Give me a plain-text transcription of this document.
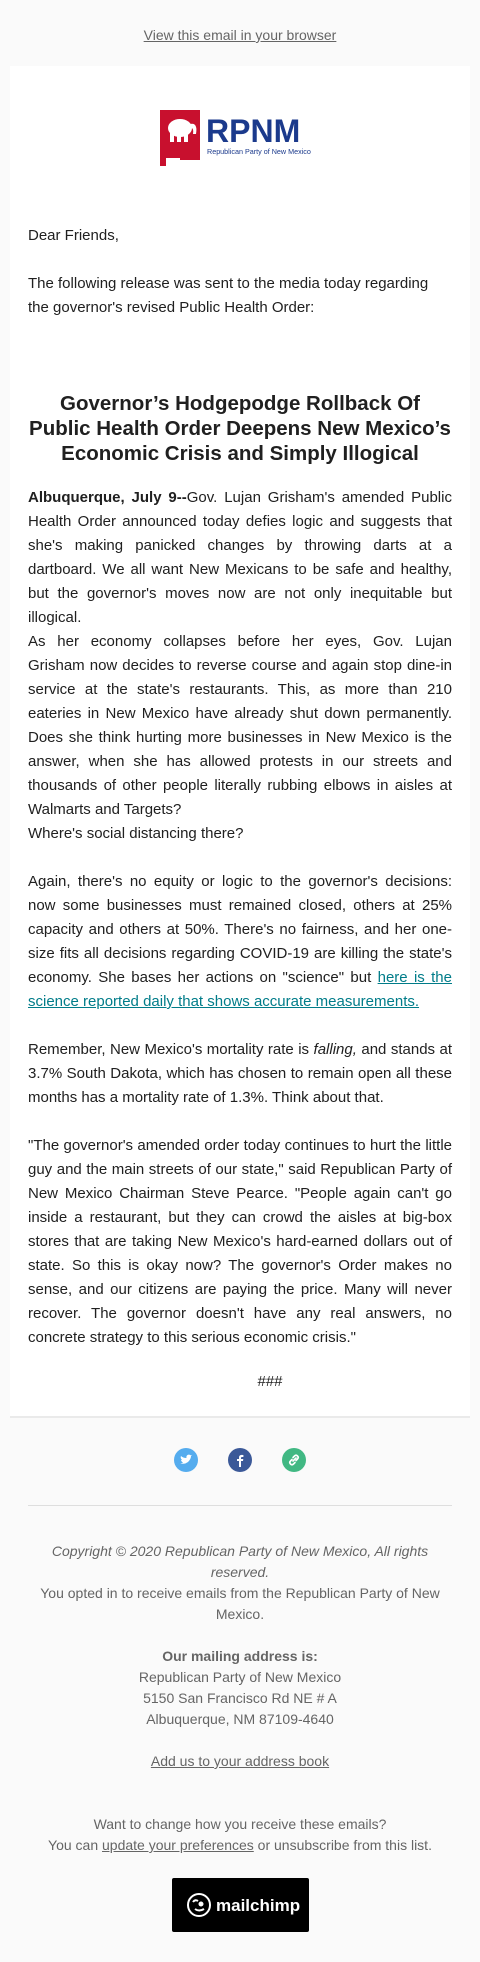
View this email in your browser
RPNM
Republican Party of New Mexico
Dear Friends,
The following release was sent to the media today regarding the governor's revised Public Health Order:
Governor’s Hodgepodge Rollback Of Public Health Order Deepens New Mexico’s Economic Crisis and Simply Illogical
Albuquerque, July 9--Gov. Lujan Grisham's amended Public Health Order announced today defies logic and suggests that she's making panicked changes by throwing darts at a dartboard. We all want New Mexicans to be safe and healthy, but the governor's moves now are not only inequitable but illogical.
As her economy collapses before her eyes, Gov. Lujan Grisham now decides to reverse course and again stop dine-in service at the state's restaurants. This, as more than 210 eateries in New Mexico have already shut down permanently. Does she think hurting more businesses in New Mexico is the answer, when she has allowed protests in our streets and thousands of other people literally rubbing elbows in aisles at Walmarts and Targets?
Where's social distancing there?
Again, there's no equity or logic to the governor's decisions: now some businesses must remained closed, others at 25% capacity and others at 50%. There's no fairness, and her one-size fits all decisions regarding COVID-19 are killing the state's economy. She bases her actions on "science" but here is the science reported daily that shows accurate measurements.
Remember, New Mexico's mortality rate is falling, and stands at 3.7% South Dakota, which has chosen to remain open all these months has a mortality rate of 1.3%. Think about that.
"The governor's amended order today continues to hurt the little guy and the main streets of our state," said Republican Party of New Mexico Chairman Steve Pearce. "People again can't go inside a restaurant, but they can crowd the aisles at big-box stores that are taking New Mexico's hard-earned dollars out of state. So this is okay now? The governor's Order makes no sense, and our citizens are paying the price. Many will never recover. The governor doesn't have any real answers, no concrete strategy to this serious economic crisis."
###
Copyright © 2020 Republican Party of New Mexico, All rights reserved.
You opted in to receive emails from the Republican Party of New Mexico.
Our mailing address is:
Republican Party of New Mexico
5150 San Francisco Rd NE # A
Albuquerque, NM 87109-4640
Add us to your address book
Want to change how you receive these emails?
You can update your preferences or unsubscribe from this list.
mailchimp
